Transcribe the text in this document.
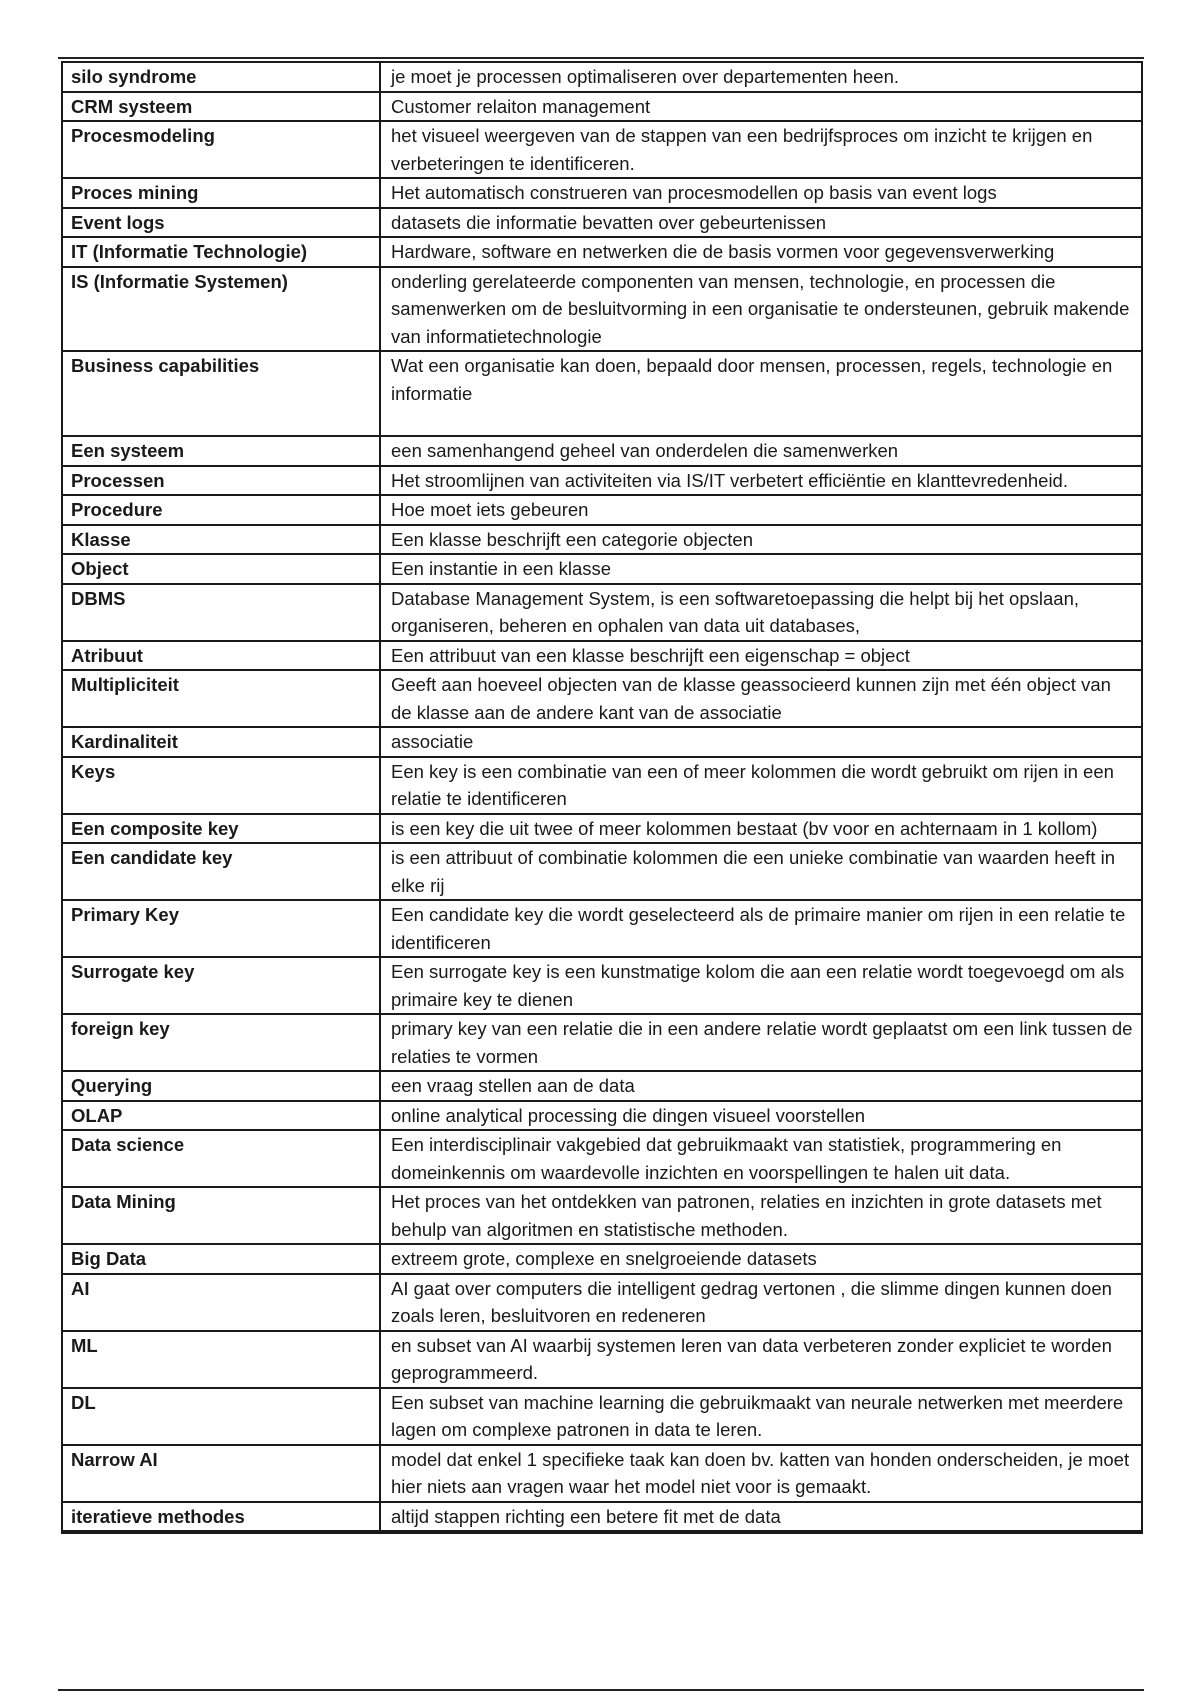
silo syndrome	je moet je processen optimaliseren over departementen heen.
CRM systeem	Customer relaiton management
Procesmodeling	het visueel weergeven van de stappen van een bedrijfsproces om inzicht te krijgen en verbeteringen te identificeren.
Proces mining	Het automatisch construeren van procesmodellen op basis van event logs
Event logs	datasets die informatie bevatten over gebeurtenissen
IT (Informatie Technologie)	Hardware, software en netwerken die de basis vormen voor gegevensverwerking
IS (Informatie Systemen)	onderling gerelateerde componenten van mensen, technologie, en processen die samenwerken om de besluitvorming in een organisatie te ondersteunen, gebruik makende van informatietechnologie
Business capabilities	Wat een organisatie kan doen, bepaald door mensen, processen, regels, technologie en informatie
Een systeem	een samenhangend geheel van onderdelen die samenwerken
Processen	Het stroomlijnen van activiteiten via IS/IT verbetert efficiëntie en klanttevredenheid.
Procedure	Hoe moet iets gebeuren
Klasse	Een klasse beschrijft een categorie objecten
Object	Een instantie in een klasse
DBMS	Database Management System, is een softwaretoepassing die helpt bij het opslaan, organiseren, beheren en ophalen van data uit databases,
Atribuut	Een attribuut van een klasse beschrijft een eigenschap = object
Multipliciteit	Geeft aan hoeveel objecten van de klasse geassocieerd kunnen zijn met één object van de klasse aan de andere kant van de associatie
Kardinaliteit	associatie
Keys	Een key is een combinatie van een of meer kolommen die wordt gebruikt om rijen in een relatie te identificeren
Een composite key	is een key die uit twee of meer kolommen bestaat (bv voor en achternaam in 1 kollom)
Een candidate key	is een attribuut of combinatie kolommen die een unieke combinatie van waarden heeft in elke rij
Primary Key	Een candidate key die wordt geselecteerd als de primaire manier om rijen in een relatie te identificeren
Surrogate key	Een surrogate key is een kunstmatige kolom die aan een relatie wordt toegevoegd om als primaire key te dienen
foreign key	primary key van een relatie die in een andere relatie wordt geplaatst om een link tussen de relaties te vormen
Querying	een vraag stellen aan de data
OLAP	online analytical processing die dingen visueel voorstellen
Data science	Een interdisciplinair vakgebied dat gebruikmaakt van statistiek, programmering en domeinkennis om waardevolle inzichten en voorspellingen te halen uit data.
Data Mining	Het proces van het ontdekken van patronen, relaties en inzichten in grote datasets met behulp van algoritmen en statistische methoden.
Big Data	extreem grote, complexe en snelgroeiende datasets
AI	AI gaat over computers die intelligent gedrag vertonen , die slimme dingen kunnen doen zoals leren, besluitvoren en redeneren
ML	en subset van AI waarbij systemen leren van data verbeteren zonder expliciet te worden geprogrammeerd.
DL	Een subset van machine learning die gebruikmaakt van neurale netwerken met meerdere lagen om complexe patronen in data te leren.
Narrow AI	model dat enkel 1 specifieke taak kan doen bv. katten van honden onderscheiden, je moet hier niets aan vragen waar het model niet voor is gemaakt.
iteratieve methodes	altijd stappen richting een betere fit met de data
